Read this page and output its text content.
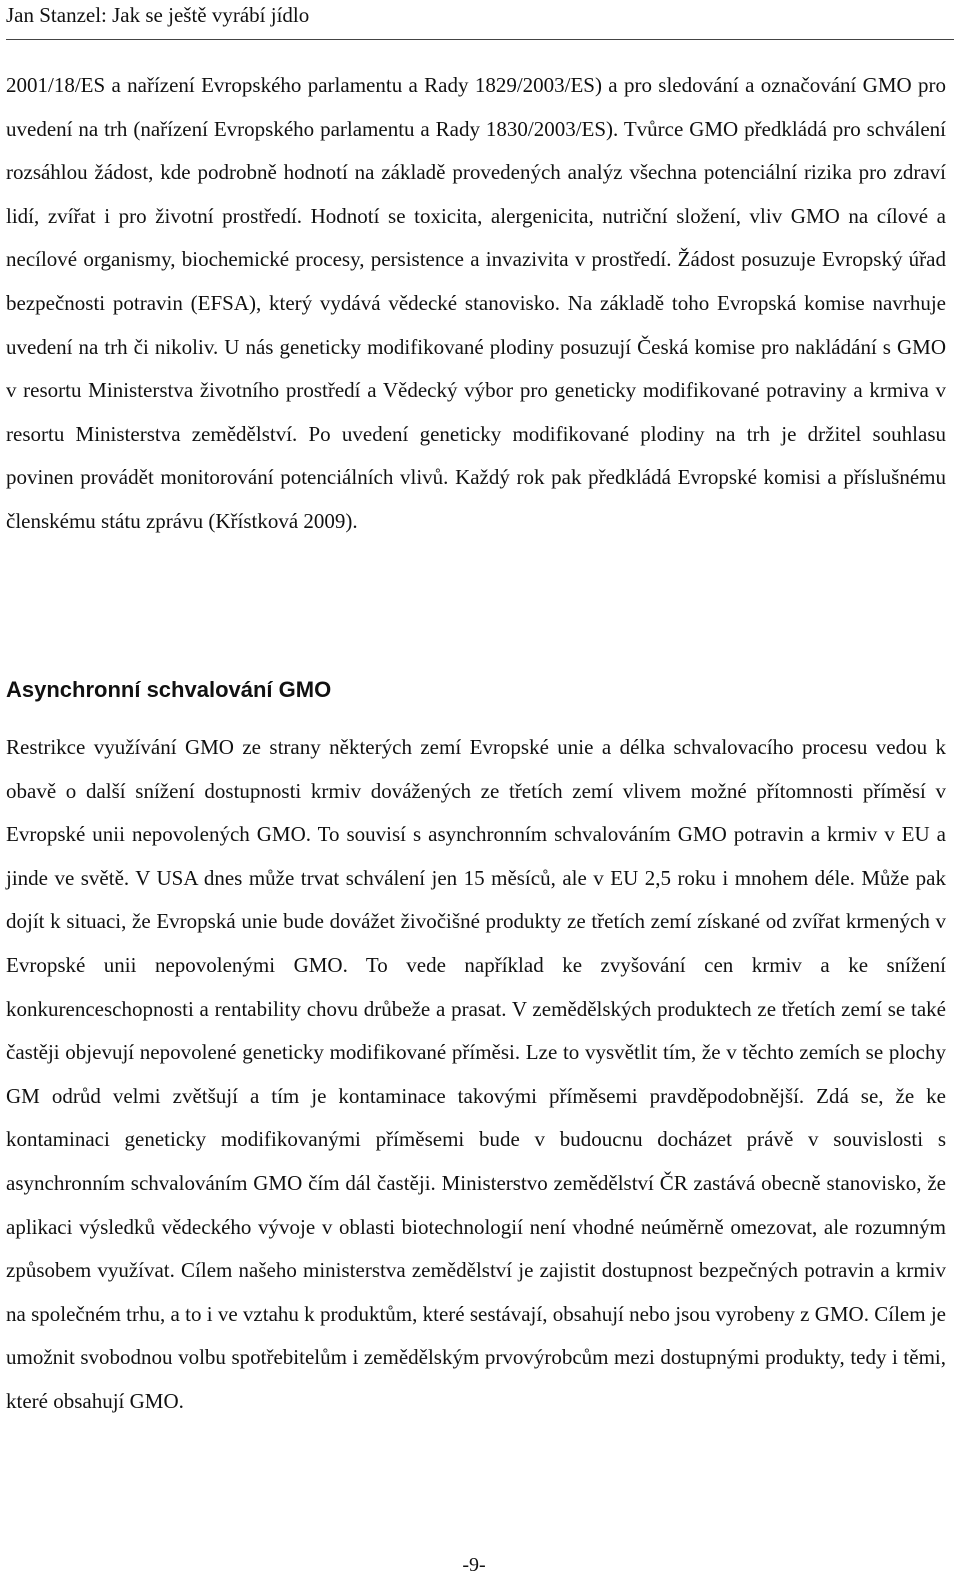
Jan Stanzel: Jak se ještě vyrábí jídlo

2001/18/ES a nařízení Evropského parlamentu a Rady 1829/2003/ES) a pro sledování a označování GMO pro uvedení na trh (nařízení Evropského parlamentu a Rady 1830/2003/ES). Tvůrce GMO předkládá pro schválení rozsáhlou žádost, kde podrobně hodnotí na základě provedených analýz všechna potenciální rizika pro zdraví lidí, zvířat i pro životní prostředí. Hodnotí se toxicita, alergenicita, nutriční složení, vliv GMO na cílové a necílové organismy, biochemické procesy, persistence a invazivita v prostředí. Žádost posuzuje Evropský úřad bezpečnosti potravin (EFSA), který vydává vědecké stanovisko. Na základě toho Evropská komise navrhuje uvedení na trh či nikoliv. U nás geneticky modifikované plodiny posuzují Česká komise pro nakládání s GMO v resortu Ministerstva životního prostředí a Vědecký výbor pro geneticky modifikované potraviny a krmiva v resortu Ministerstva zemědělství. Po uvedení geneticky modifikované plodiny na trh je držitel souhlasu povinen provádět monitorování potenciálních vlivů. Každý rok pak předkládá Evropské komisi a příslušnému členskému státu zprávu (Křístková 2009).

Asynchronní schvalování GMO

Restrikce využívání GMO ze strany některých zemí Evropské unie a délka schvalovacího procesu vedou k obavě o další snížení dostupnosti krmiv dovážených ze třetích zemí vlivem možné přítomnosti příměsí v Evropské unii nepovolených GMO. To souvisí s asynchronním schvalováním GMO potravin a krmiv v EU a jinde ve světě. V USA dnes může trvat schválení jen 15 měsíců, ale v EU 2,5 roku i mnohem déle. Může pak dojít k situaci, že Evropská unie bude dovážet živočišné produkty ze třetích zemí získané od zvířat krmených v Evropské unii nepovolenými GMO. To vede například ke zvyšování cen krmiv a ke snížení konkurenceschopnosti a rentability chovu drůbeže a prasat. V zemědělských produktech ze třetích zemí se také častěji objevují nepovolené geneticky modifikované příměsi. Lze to vysvětlit tím, že v těchto zemích se plochy GM odrůd velmi zvětšují a tím je kontaminace takovými příměsemi pravděpodobnější. Zdá se, že ke kontaminaci geneticky modifikovanými příměsemi bude v budoucnu docházet právě v souvislosti s asynchronním schvalováním GMO čím dál častěji. Ministerstvo zemědělství ČR zastává obecně stanovisko, že aplikaci výsledků vědeckého vývoje v oblasti biotechnologií není vhodné neúměrně omezovat, ale rozumným způsobem využívat. Cílem našeho ministerstva zemědělství je zajistit dostupnost bezpečných potravin a krmiv na společném trhu, a to i ve vztahu k produktům, které sestávají, obsahují nebo jsou vyrobeny z GMO. Cílem je umožnit svobodnou volbu spotřebitelům i zemědělským prvovýrobcům mezi dostupnými produkty, tedy i těmi, které obsahují GMO.

-9-
